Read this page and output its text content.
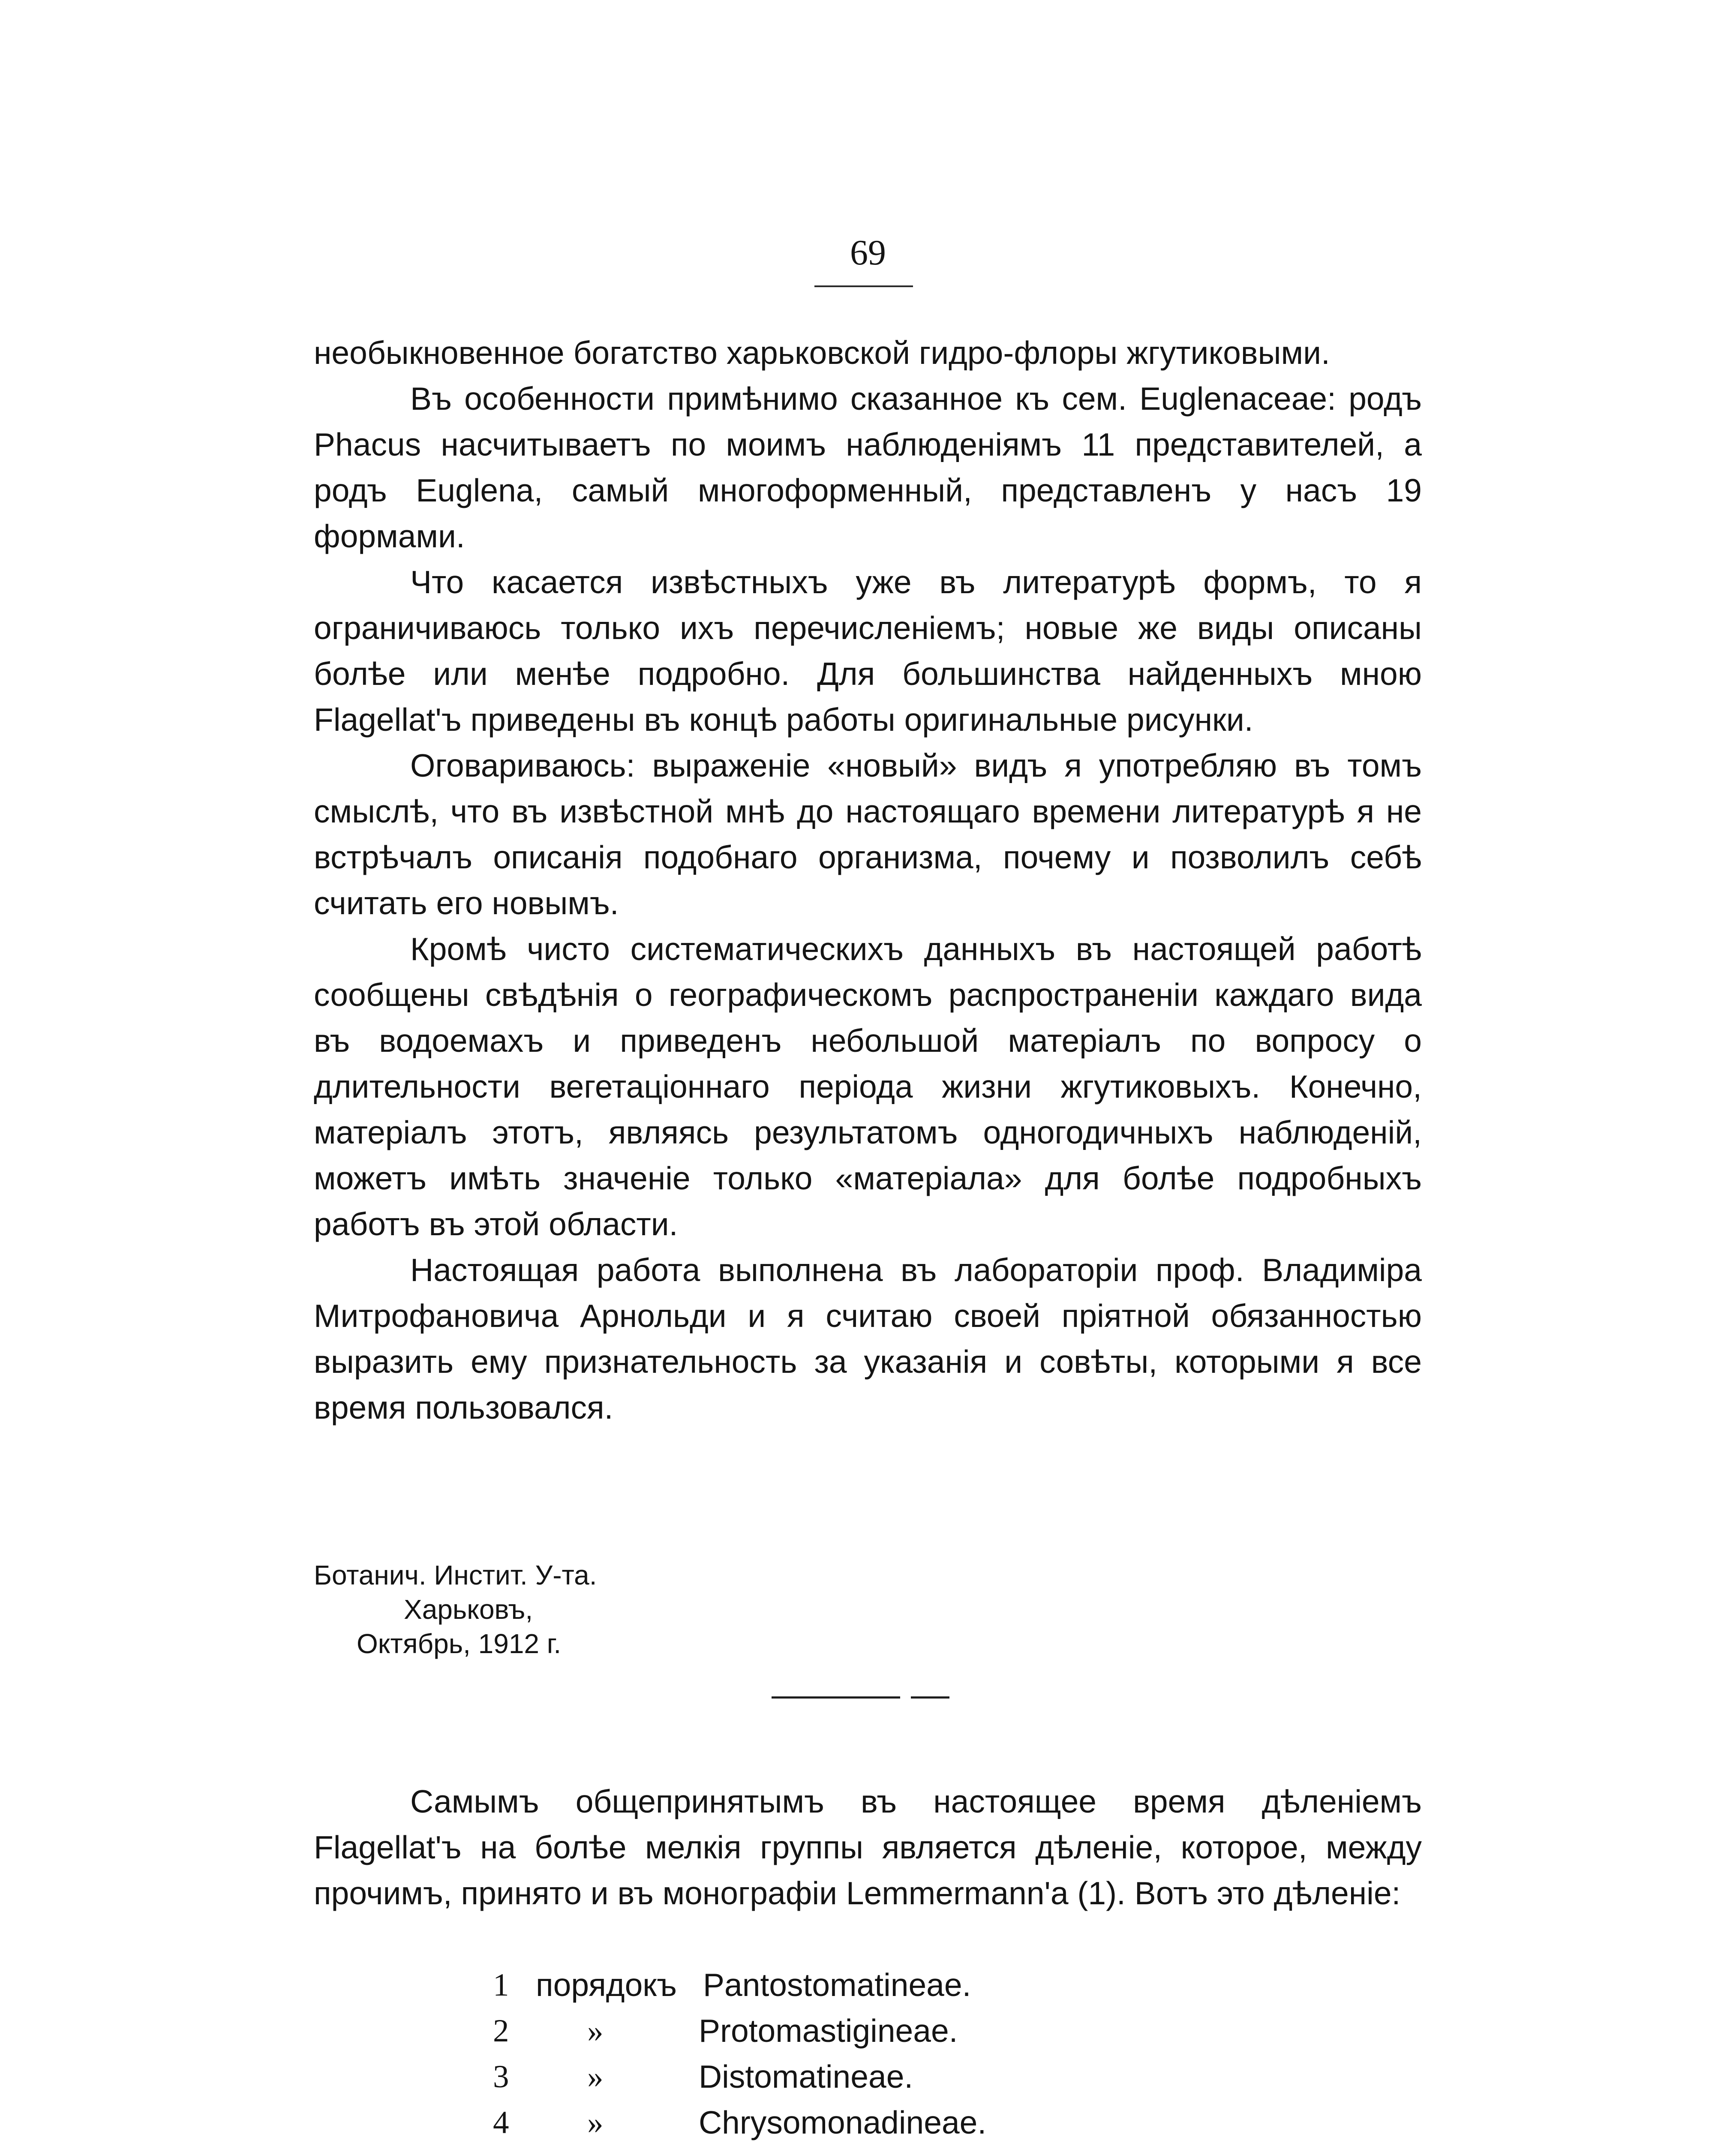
69

необыкновенное богатство харьковской гидро-флоры жгутиковыми.

Въ особенности примѣнимо сказанное къ сем. Euglenaceae: родъ Phacus насчитываетъ по моимъ наблюденiямъ 11 представителей, а родъ Euglena, самый многоформенный, представленъ у насъ 19 формами.

Что касается извѣстныхъ уже въ литературѣ формъ, то я ограничиваюсь только ихъ перечисленiемъ; новые же виды описаны болѣе или менѣе подробно. Для большинства найденныхъ мною Flagellat'ъ приведены въ концѣ работы оригинальные рисунки.

Оговариваюсь: выраженiе «новый» видъ я употребляю въ томъ смыслѣ, что въ извѣстной мнѣ до настоящаго времени литературѣ я не встрѣчалъ описанiя подобнаго организма, почему и позволилъ себѣ считать его новымъ.

Кромѣ чисто систематическихъ данныхъ въ настоящей работѣ сообщены свѣдѣнiя о географическомъ распространенiи каждаго вида въ водоемахъ и приведенъ небольшой матерiалъ по вопросу о длительности вегетацiоннаго перiода жизни жгутиковыхъ. Конечно, матерiалъ этотъ, являясь результатомъ одногодичныхъ наблюденiй, можетъ имѣть значенiе только «матерiала» для болѣе подробныхъ работъ въ этой области.

Настоящая работа выполнена въ лабораторiи проф. Владимiра Митрофановича Арнольди и я считаю своей прiятной обязанностью выразить ему признательность за указанiя и совѣты, которыми я все время пользовался.

Ботанич. Инстит. У-та.
Харьковъ,
Октябрь, 1912 г.

Самымъ общепринятымъ въ настоящее время дѣленiемъ Flagellat'ъ на болѣе мелкiя группы является дѣленiе, которое, между прочимъ, принято и въ монографiи Lemmermann'a (1). Вотъ это дѣленiе:

1 порядокъ Pantostomatineae.
2	»	Protomastigineae.
3	»	Distomatineae.
4	»	Chrysomonadineae.
